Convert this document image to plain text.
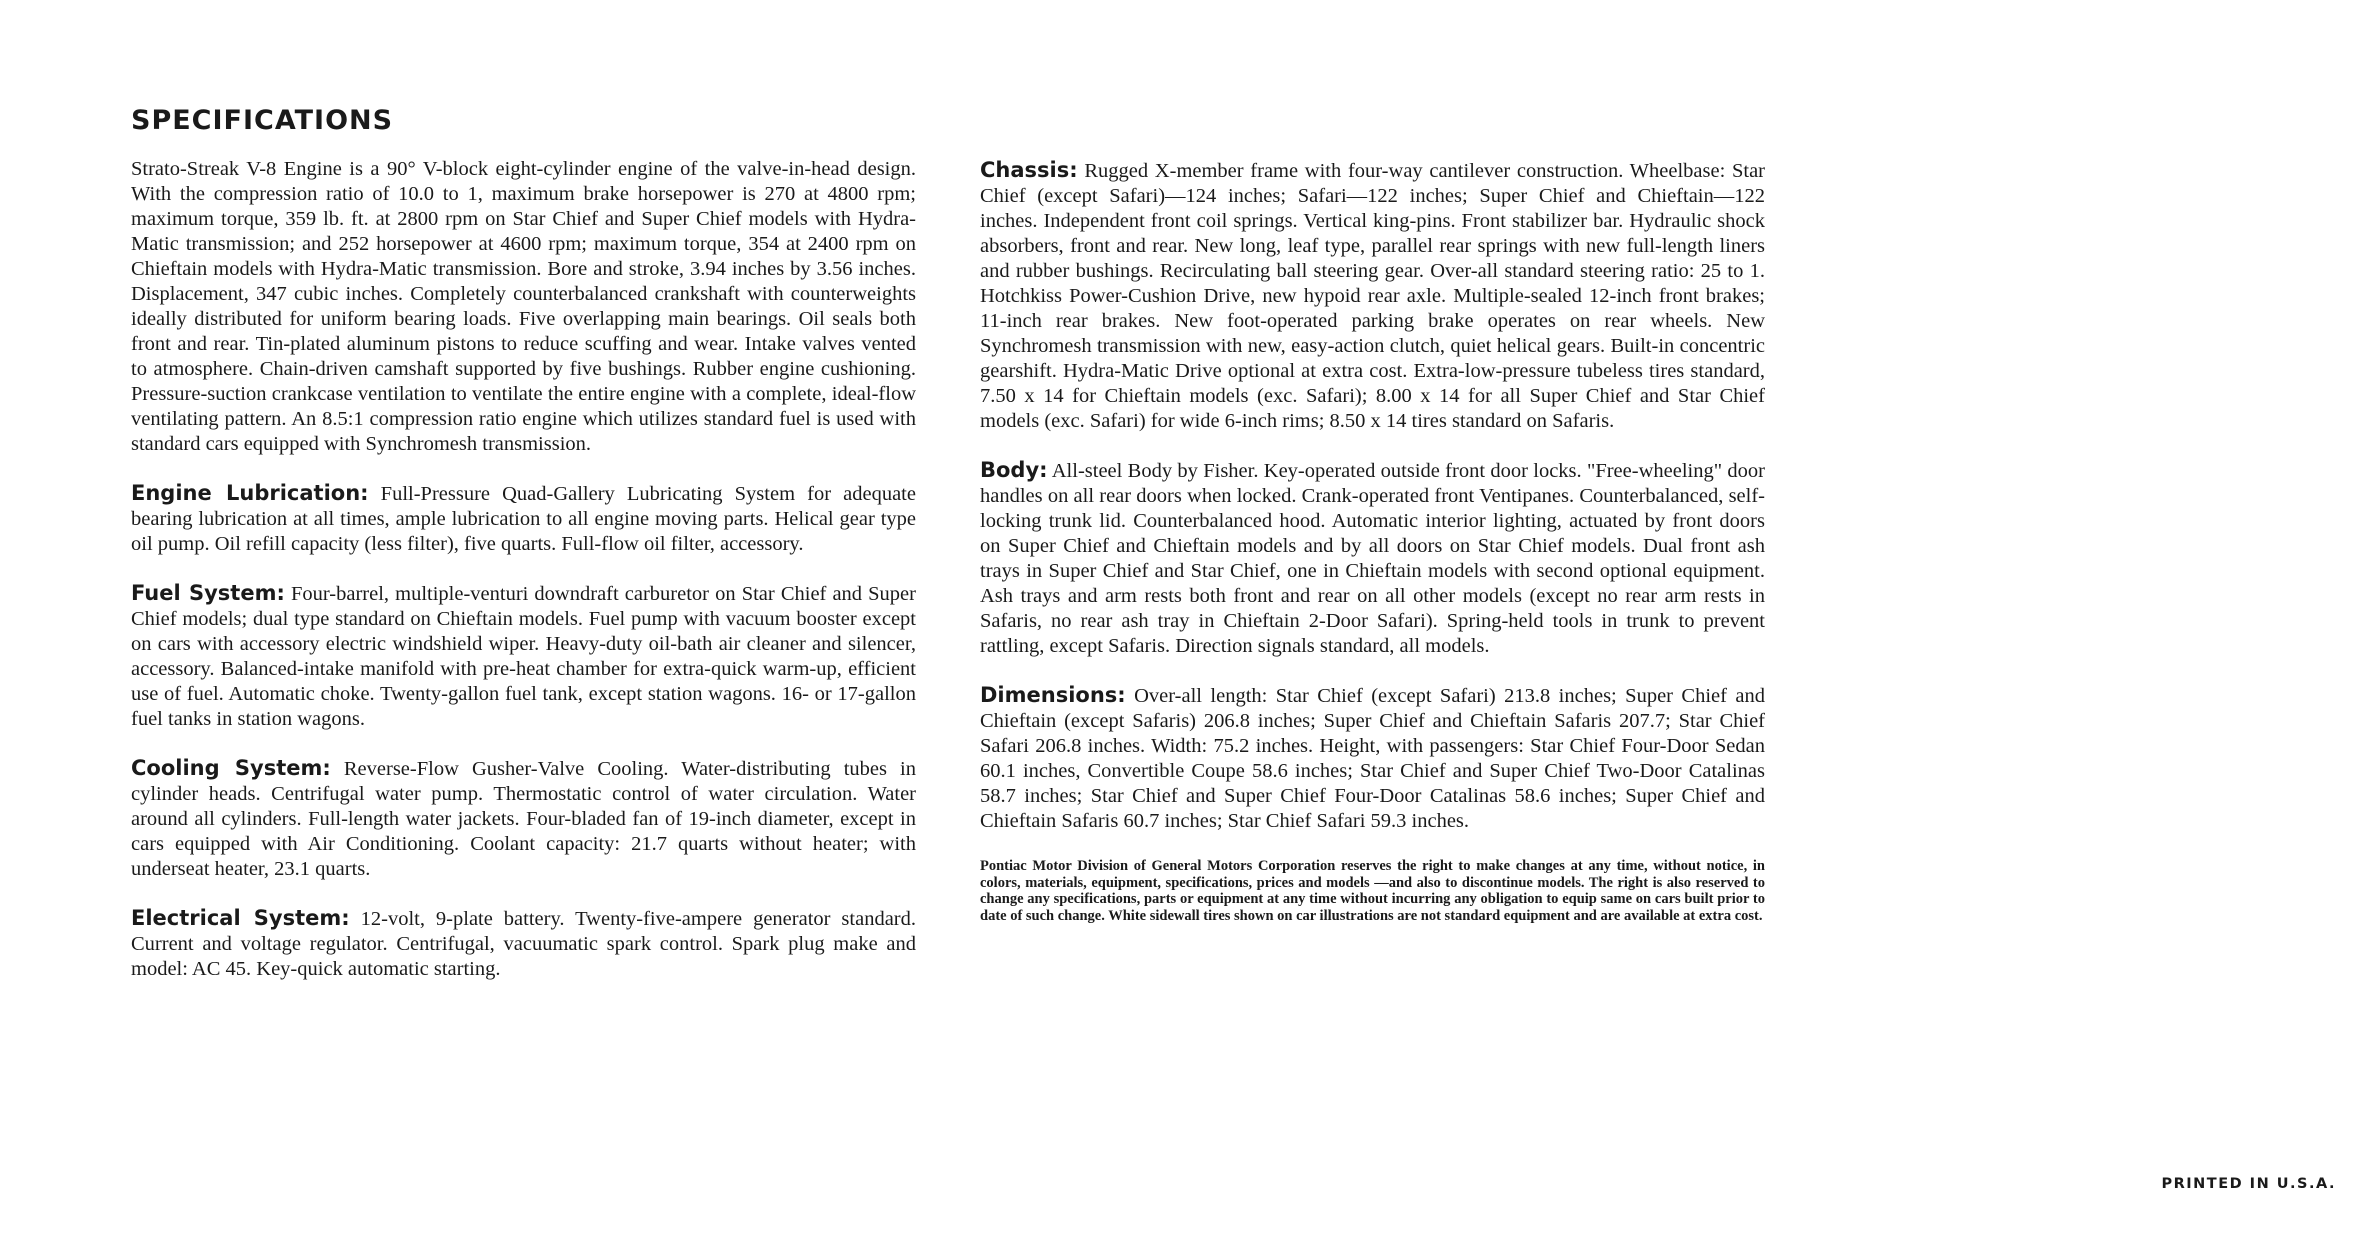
SPECIFICATIONS

Strato-Streak V-8 Engine is a 90° V-block eight-cylinder engine of the valve-in-head design. With the compression ratio of 10.0 to 1, maximum brake horsepower is 270 at 4800 rpm; maximum torque, 359 lb. ft. at 2800 rpm on Star Chief and Super Chief models with Hydra-Matic transmission; and 252 horsepower at 4600 rpm; maximum torque, 354 at 2400 rpm on Chieftain models with Hydra-Matic transmission. Bore and stroke, 3.94 inches by 3.56 inches. Displacement, 347 cubic inches. Completely counterbalanced crankshaft with counterweights ideally distributed for uniform bearing loads. Five overlapping main bearings. Oil seals both front and rear. Tin-plated aluminum pistons to reduce scuffing and wear. Intake valves vented to atmosphere. Chain-driven camshaft supported by five bushings. Rubber engine cushioning. Pressure-suction crankcase ventilation to ventilate the entire engine with a complete, ideal-flow ventilating pattern. An 8.5:1 compression ratio engine which utilizes standard fuel is used with standard cars equipped with Synchromesh transmission.

Engine Lubrication: Full-Pressure Quad-Gallery Lubricating System for adequate bearing lubrication at all times, ample lubrication to all engine moving parts. Helical gear type oil pump. Oil refill capacity (less filter), five quarts. Full-flow oil filter, accessory.

Fuel System: Four-barrel, multiple-venturi downdraft carburetor on Star Chief and Super Chief models; dual type standard on Chieftain models. Fuel pump with vacuum booster except on cars with accessory electric windshield wiper. Heavy-duty oil-bath air cleaner and silencer, accessory. Balanced-intake manifold with pre-heat chamber for extra-quick warm-up, efficient use of fuel. Automatic choke. Twenty-gallon fuel tank, except station wagons. 16- or 17-gallon fuel tanks in station wagons.

Cooling System: Reverse-Flow Gusher-Valve Cooling. Water-distributing tubes in cylinder heads. Centrifugal water pump. Thermostatic control of water circulation. Water around all cylinders. Full-length water jackets. Four-bladed fan of 19-inch diameter, except in cars equipped with Air Conditioning. Coolant capacity: 21.7 quarts without heater; with underseat heater, 23.1 quarts.

Electrical System: 12-volt, 9-plate battery. Twenty-five-ampere generator standard. Current and voltage regulator. Centrifugal, vacuumatic spark control. Spark plug make and model: AC 45. Key-quick automatic starting.

Chassis: Rugged X-member frame with four-way cantilever construction. Wheelbase: Star Chief (except Safari)—124 inches; Safari—122 inches; Super Chief and Chieftain—122 inches. Independent front coil springs. Vertical king-pins. Front stabilizer bar. Hydraulic shock absorbers, front and rear. New long, leaf type, parallel rear springs with new full-length liners and rubber bushings. Recirculating ball steering gear. Over-all standard steering ratio: 25 to 1. Hotchkiss Power-Cushion Drive, new hypoid rear axle. Multiple-sealed 12-inch front brakes; 11-inch rear brakes. New foot-operated parking brake operates on rear wheels. New Synchromesh transmission with new, easy-action clutch, quiet helical gears. Built-in concentric gearshift. Hydra-Matic Drive optional at extra cost. Extra-low-pressure tubeless tires standard, 7.50 x 14 for Chieftain models (exc. Safari); 8.00 x 14 for all Super Chief and Star Chief models (exc. Safari) for wide 6-inch rims; 8.50 x 14 tires standard on Safaris.

Body: All-steel Body by Fisher. Key-operated outside front door locks. "Free-wheeling" door handles on all rear doors when locked. Crank-operated front Ventipanes. Counterbalanced, self-locking trunk lid. Counterbalanced hood. Automatic interior lighting, actuated by front doors on Super Chief and Chieftain models and by all doors on Star Chief models. Dual front ash trays in Super Chief and Star Chief, one in Chieftain models with second optional equipment. Ash trays and arm rests both front and rear on all other models (except no rear arm rests in Safaris, no rear ash tray in Chieftain 2-Door Safari). Spring-held tools in trunk to prevent rattling, except Safaris. Direction signals standard, all models.

Dimensions: Over-all length: Star Chief (except Safari) 213.8 inches; Super Chief and Chieftain (except Safaris) 206.8 inches; Super Chief and Chieftain Safaris 207.7; Star Chief Safari 206.8 inches. Width: 75.2 inches. Height, with passengers: Star Chief Four-Door Sedan 60.1 inches, Convertible Coupe 58.6 inches; Star Chief and Super Chief Two-Door Catalinas 58.7 inches; Star Chief and Super Chief Four-Door Catalinas 58.6 inches; Super Chief and Chieftain Safaris 60.7 inches; Star Chief Safari 59.3 inches.

Pontiac Motor Division of General Motors Corporation reserves the right to make changes at any time, without notice, in colors, materials, equipment, specifications, prices and models —and also to discontinue models. The right is also reserved to change any specifications, parts or equipment at any time without incurring any obligation to equip same on cars built prior to date of such change. White sidewall tires shown on car illustrations are not standard equipment and are available at extra cost.

PRINTED IN U.S.A.
